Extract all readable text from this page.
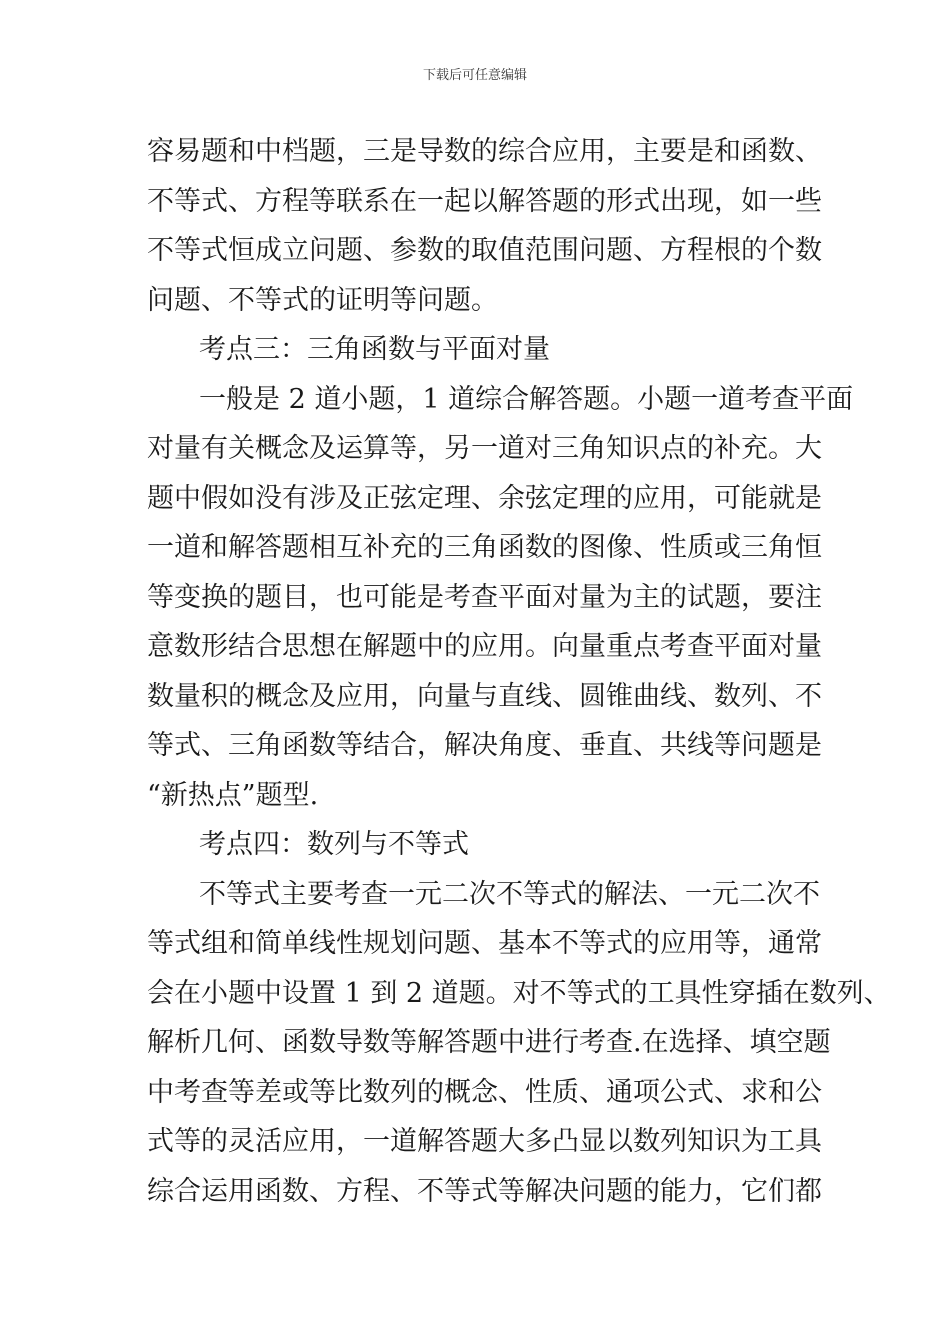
下载后可任意编辑
容易题和中档题，三是导数的综合应用，主要是和函数、
不等式、方程等联系在一起以解答题的形式出现，如一些
不等式恒成立问题、参数的取值范围问题、方程根的个数
问题、不等式的证明等问题。
考点三：三角函数与平面对量
一般是 2 道小题，1 道综合解答题。小题一道考查平面
对量有关概念及运算等，另一道对三角知识点的补充。大
题中假如没有涉及正弦定理、余弦定理的应用，可能就是
一道和解答题相互补充的三角函数的图像、性质或三角恒
等变换的题目，也可能是考查平面对量为主的试题，要注
意数形结合思想在解题中的应用。向量重点考查平面对量
数量积的概念及应用，向量与直线、圆锥曲线、数列、不
等式、三角函数等结合，解决角度、垂直、共线等问题是
“新热点”题型.
考点四：数列与不等式
不等式主要考查一元二次不等式的解法、一元二次不
等式组和简单线性规划问题、基本不等式的应用等，通常
会在小题中设置 1 到 2 道题。对不等式的工具性穿插在数列、
解析几何、函数导数等解答题中进行考查.在选择、填空题
中考查等差或等比数列的概念、性质、通项公式、求和公
式等的灵活应用，一道解答题大多凸显以数列知识为工具
综合运用函数、方程、不等式等解决问题的能力，它们都
